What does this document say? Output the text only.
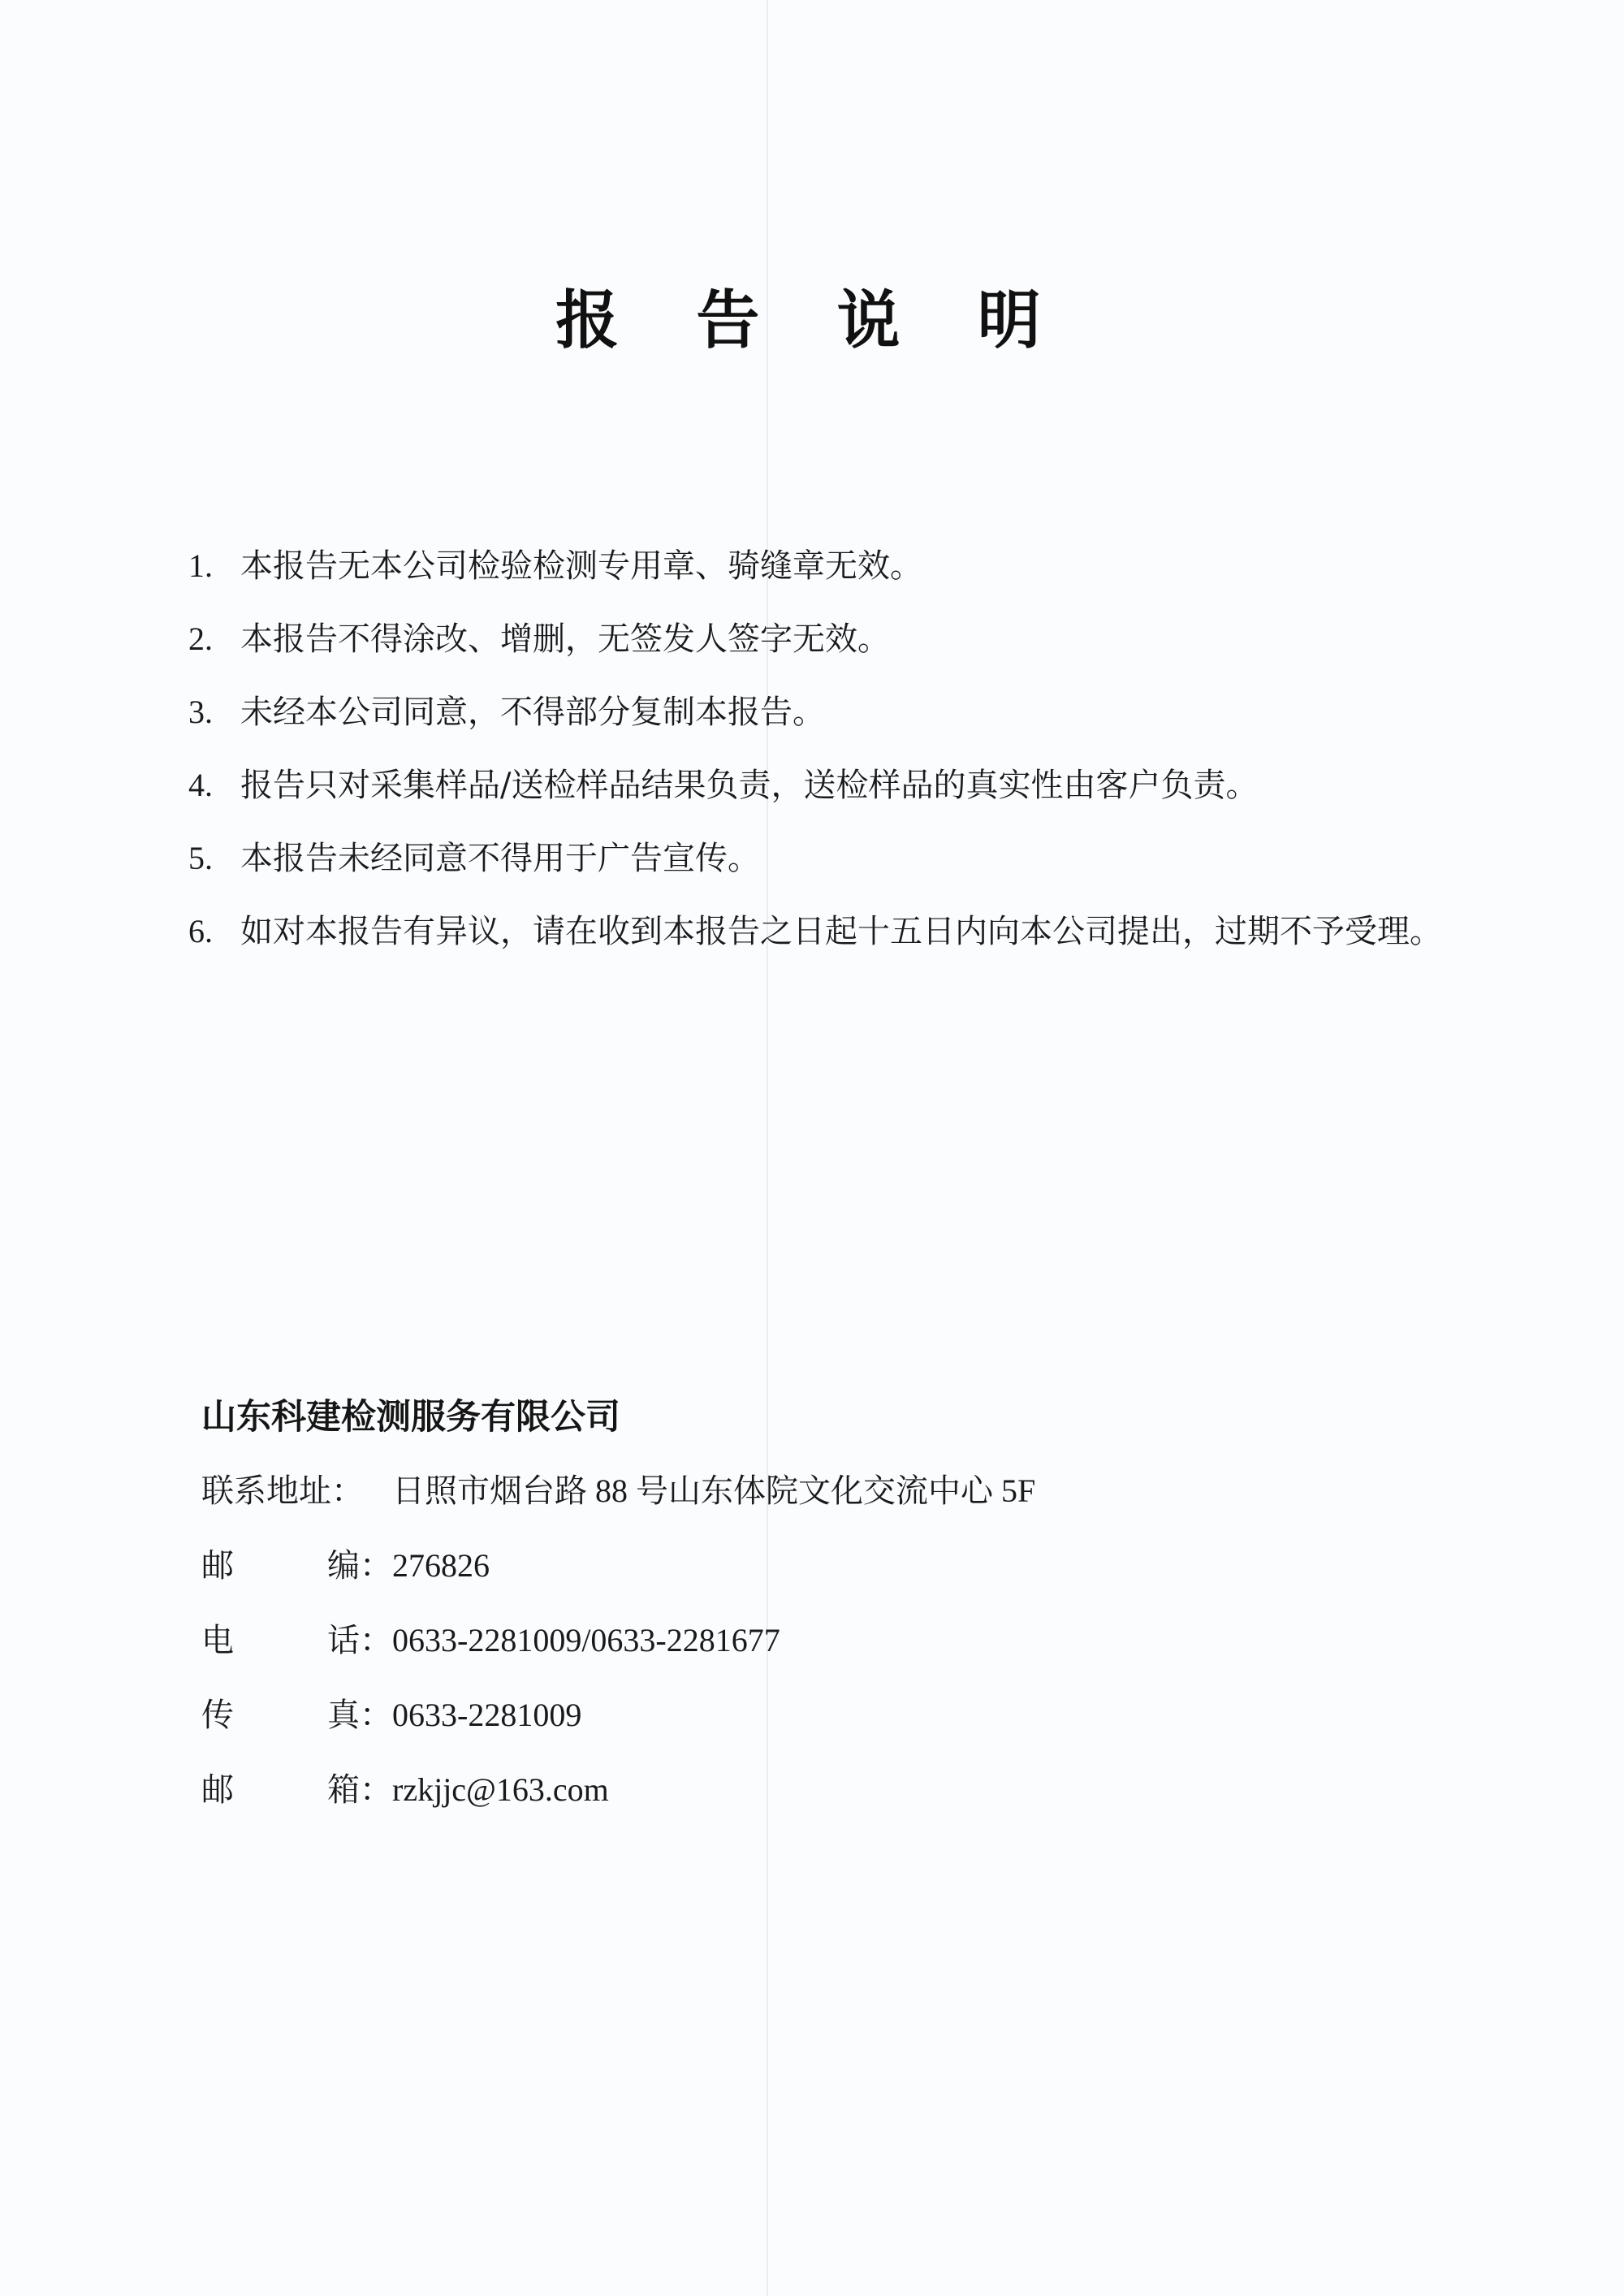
报 告 说 明
1. 本报告无本公司检验检测专用章、骑缝章无效。
2. 本报告不得涂改、增删，无签发人签字无效。
3. 未经本公司同意，不得部分复制本报告。
4. 报告只对采集样品/送检样品结果负责，送检样品的真实性由客户负责。
5. 本报告未经同意不得用于广告宣传。
6. 如对本报告有异议，请在收到本报告之日起十五日内向本公司提出，过期不予受理。
山东科建检测服务有限公司
联系地址： 日照市烟台路 88 号山东体院文化交流中心 5F
邮	编： 276826
电	话： 0633-2281009/0633-2281677
传	真： 0633-2281009
邮	箱： rzkjjc@163.com
